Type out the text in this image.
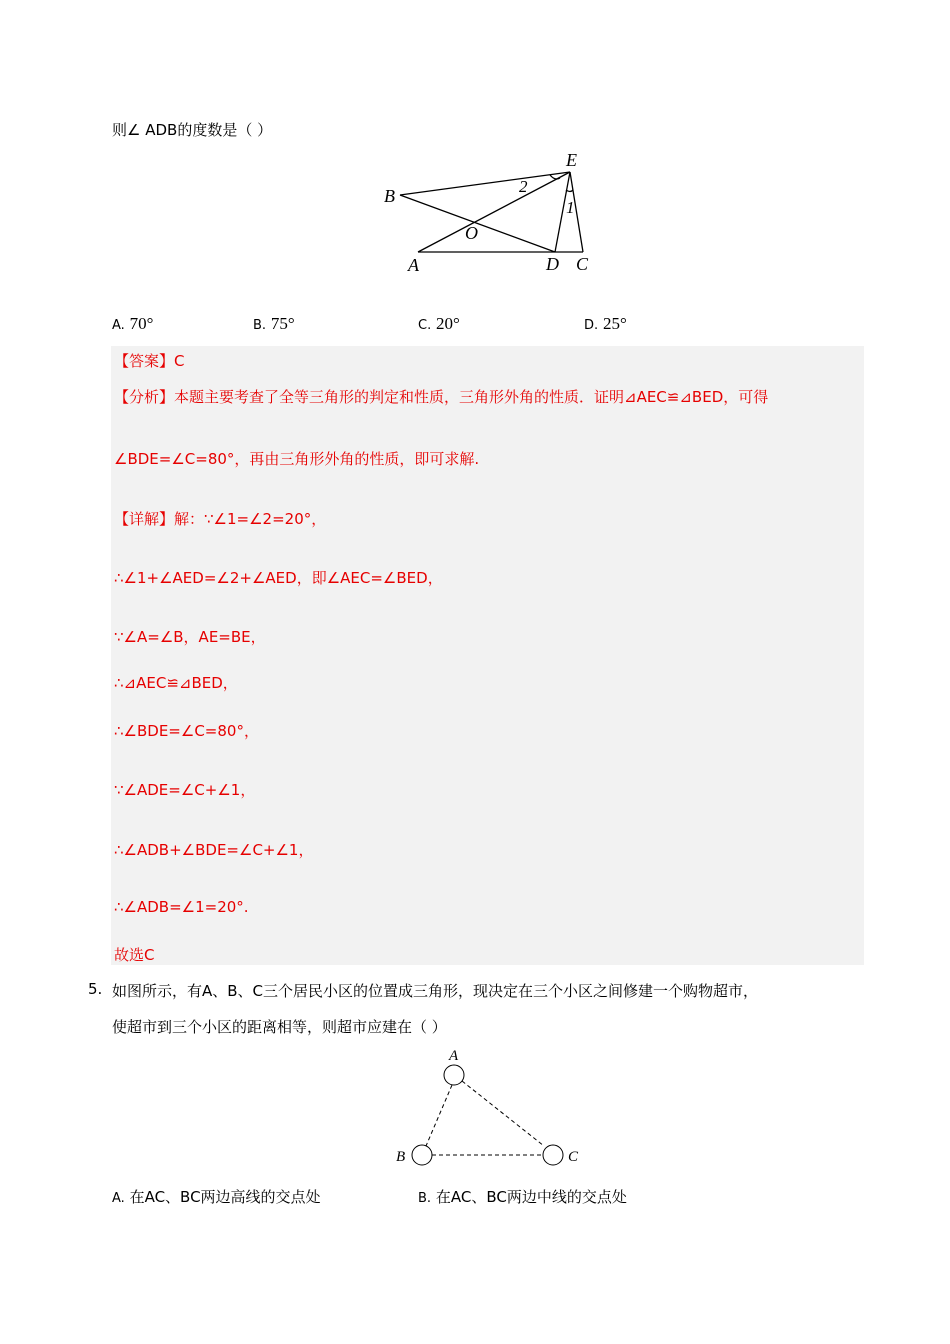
则∠ ADB的度数是（ ）
E
B	2
1
O
A	D C
A. 70°	B. 75°	C. 20°	D. 25°
【答案】C
【分析】本题主要考查了全等三角形的判定和性质，三角形外角的性质．证明⊿AEC≌⊿BED，可得
∠BDE=∠C=80°，再由三角形外角的性质，即可求解.
【详解】解：∵∠1=∠2=20°，
∴∠1+∠AED=∠2+∠AED，即∠AEC=∠BED，
∵∠A=∠B，AE=BE，
∴⊿AEC≌⊿BED，
∴∠BDE=∠C=80°，
∵∠ADE=∠C+∠1，
∴∠ADB+∠BDE=∠C+∠1，
∴∠ADB=∠1=20°.
故选C
5. 如图所示，有A、B、C三个居民小区的位置成三角形，现决定在三个小区之间修建一个购物超市，
使超市到三个小区的距离相等，则超市应建在（ ）
A
B	C
A. 在AC、BC两边高线的交点处	B. 在AC、BC两边中线的交点处
